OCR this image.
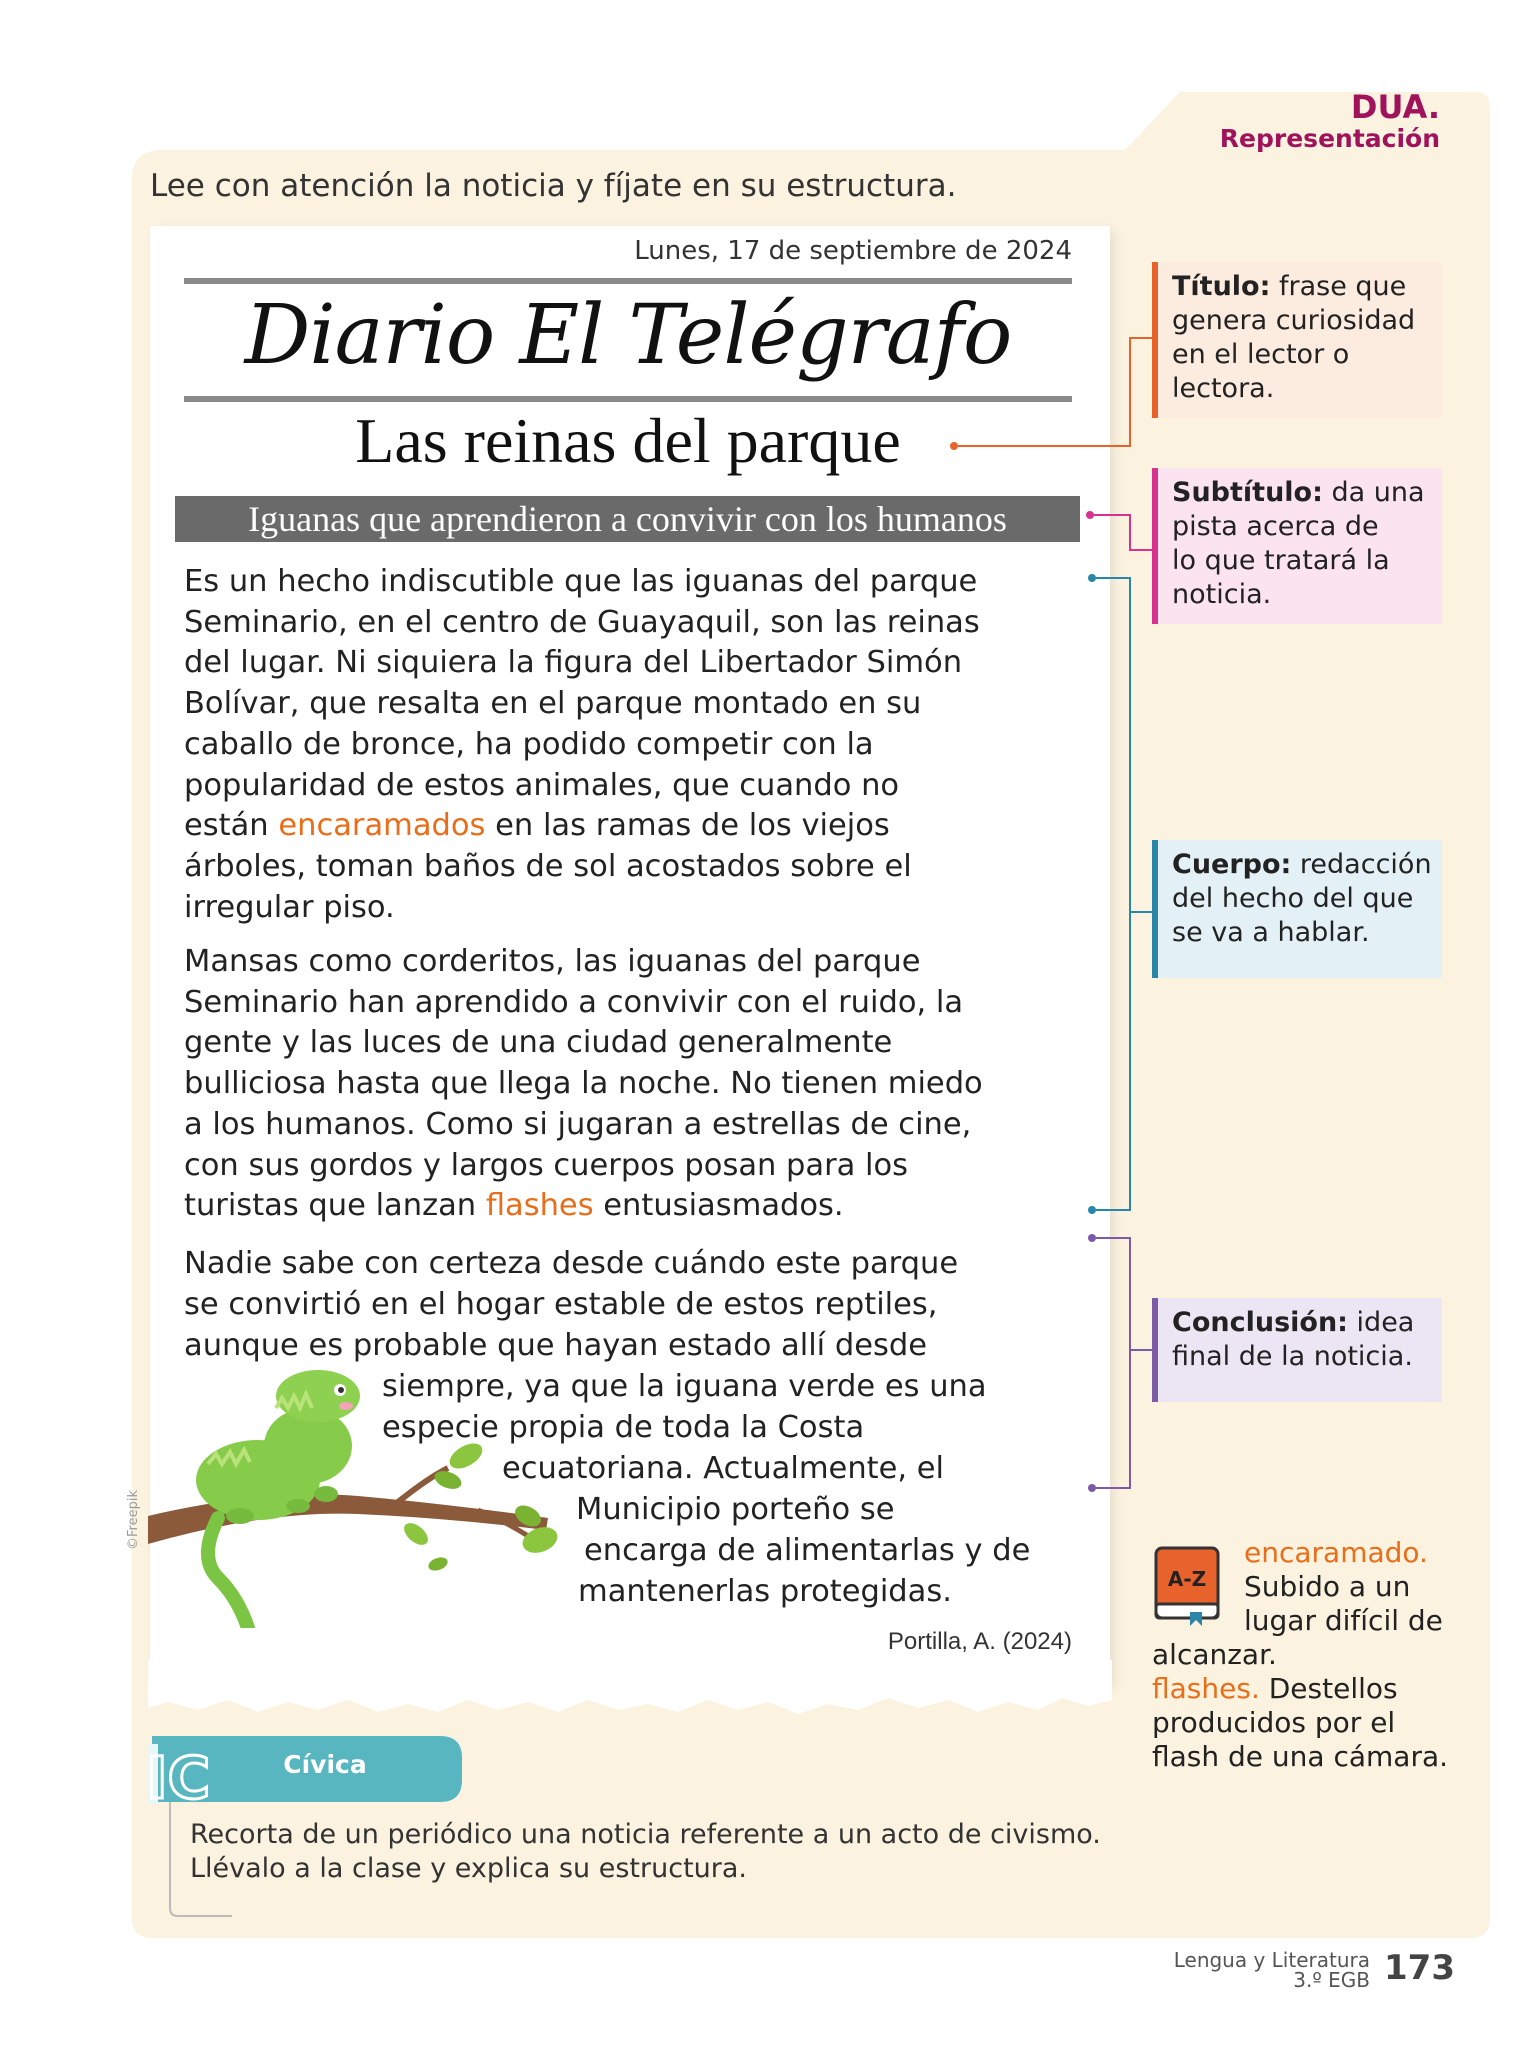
DUA.
Representación
Lee con atención la noticia y fíjate en su estructura.
Lunes, 17 de septiembre de 2024
Diario El Telégrafo
Las reinas del parque
Iguanas que aprendieron a convivir con los humanos
Es un hecho indiscutible que las iguanas del parque
Seminario, en el centro de Guayaquil, son las reinas
del lugar. Ni siquiera la figura del Libertador Simón
Bolívar, que resalta en el parque montado en su
caballo de bronce, ha podido competir con la
popularidad de estos animales, que cuando no
están encaramados en las ramas de los viejos
árboles, toman baños de sol acostados sobre el
irregular piso.
Mansas como corderitos, las iguanas del parque
Seminario han aprendido a convivir con el ruido, la
gente y las luces de una ciudad generalmente
bulliciosa hasta que llega la noche. No tienen miedo
a los humanos. Como si jugaran a estrellas de cine,
con sus gordos y largos cuerpos posan para los
turistas que lanzan flashes entusiasmados.
Nadie sabe con certeza desde cuándo este parque
se convirtió en el hogar estable de estos reptiles,
aunque es probable que hayan estado allí desde
siempre, ya que la iguana verde es una
especie propia de toda la Costa
ecuatoriana. Actualmente, el
Municipio porteño se
encarga de alimentarlas y de
mantenerlas protegidas.
Portilla, A. (2024)
©Freepik
Título: frase que
genera curiosidad
en el lector o
lectora.
Subtítulo: da una
pista acerca de
lo que tratará la
noticia.
Cuerpo: redacción
del hecho del que
se va a hablar.
Conclusión: idea
final de la noticia.
A-Z
encaramado.
Subido a un
lugar difícil de
alcanzar.
flashes. Destellos
producidos por el
flash de una cámara.
IC	Cívica
Recorta de un periódico una noticia referente a un acto de civismo.
Llévalo a la clase y explica su estructura.
Lengua y Literatura
3.º EGB 173
